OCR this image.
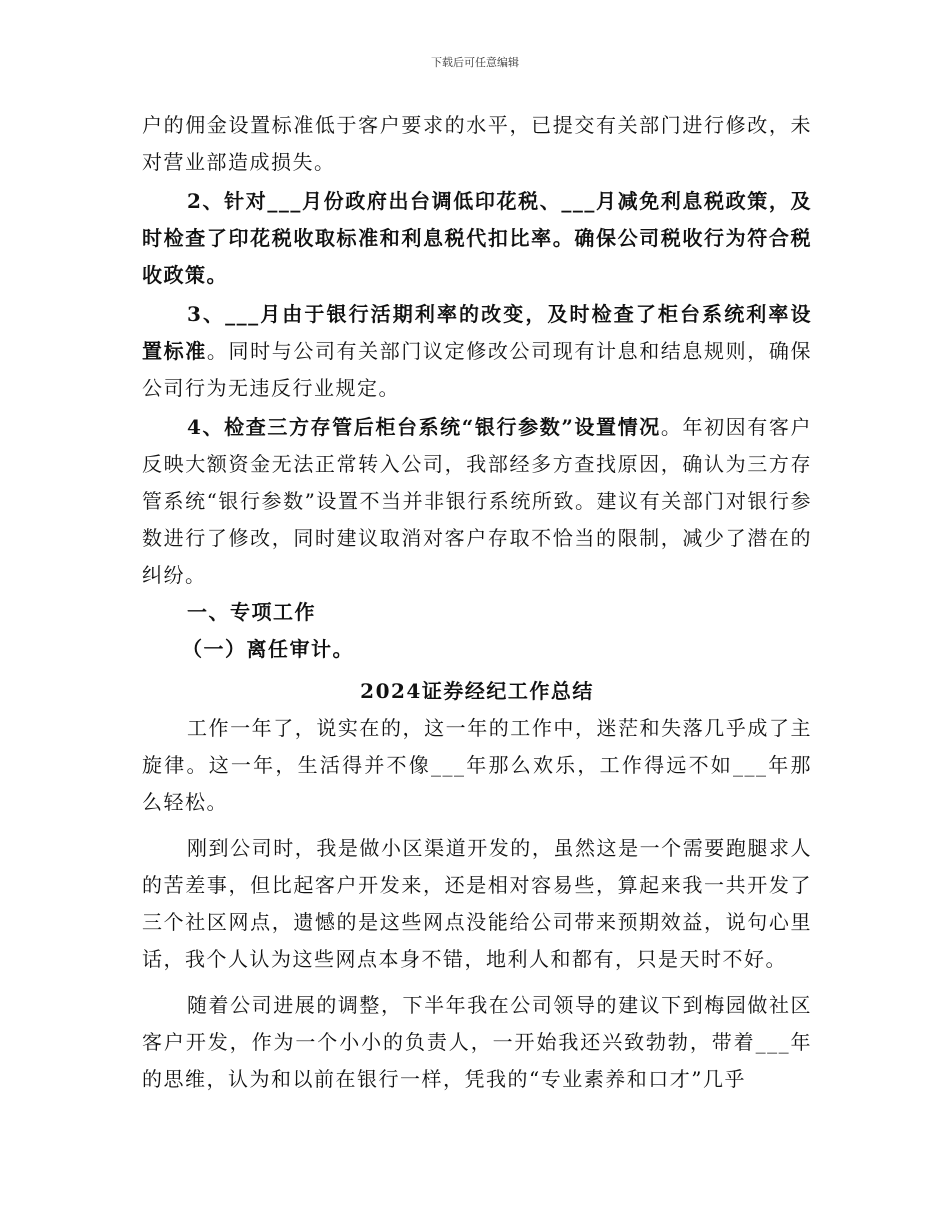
下载后可任意编辑

户的佣金设置标准低于客户要求的水平，已提交有关部门进行修改，未对营业部造成损失。

2、针对___月份政府出台调低印花税、___月减免利息税政策，及时检查了印花税收取标准和利息税代扣比率。确保公司税收行为符合税收政策。

3、___月由于银行活期利率的改变，及时检查了柜台系统利率设置标准。同时与公司有关部门议定修改公司现有计息和结息规则，确保公司行为无违反行业规定。

4、检查三方存管后柜台系统“银行参数”设置情况。年初因有客户反映大额资金无法正常转入公司，我部经多方查找原因，确认为三方存管系统“银行参数”设置不当并非银行系统所致。建议有关部门对银行参数进行了修改，同时建议取消对客户存取不恰当的限制，减少了潜在的纠纷。

一、专项工作

（一）离任审计。

2024证券经纪工作总结

工作一年了，说实在的，这一年的工作中，迷茫和失落几乎成了主旋律。这一年，生活得并不像___年那么欢乐，工作得远不如___年那么轻松。

刚到公司时，我是做小区渠道开发的，虽然这是一个需要跑腿求人的苦差事，但比起客户开发来，还是相对容易些，算起来我一共开发了三个社区网点，遗憾的是这些网点没能给公司带来预期效益，说句心里话，我个人认为这些网点本身不错，地利人和都有，只是天时不好。

随着公司进展的调整，下半年我在公司领导的建议下到梅园做社区客户开发，作为一个小小的负责人，一开始我还兴致勃勃，带着___年的思维，认为和以前在银行一样，凭我的“专业素养和口才”几乎
